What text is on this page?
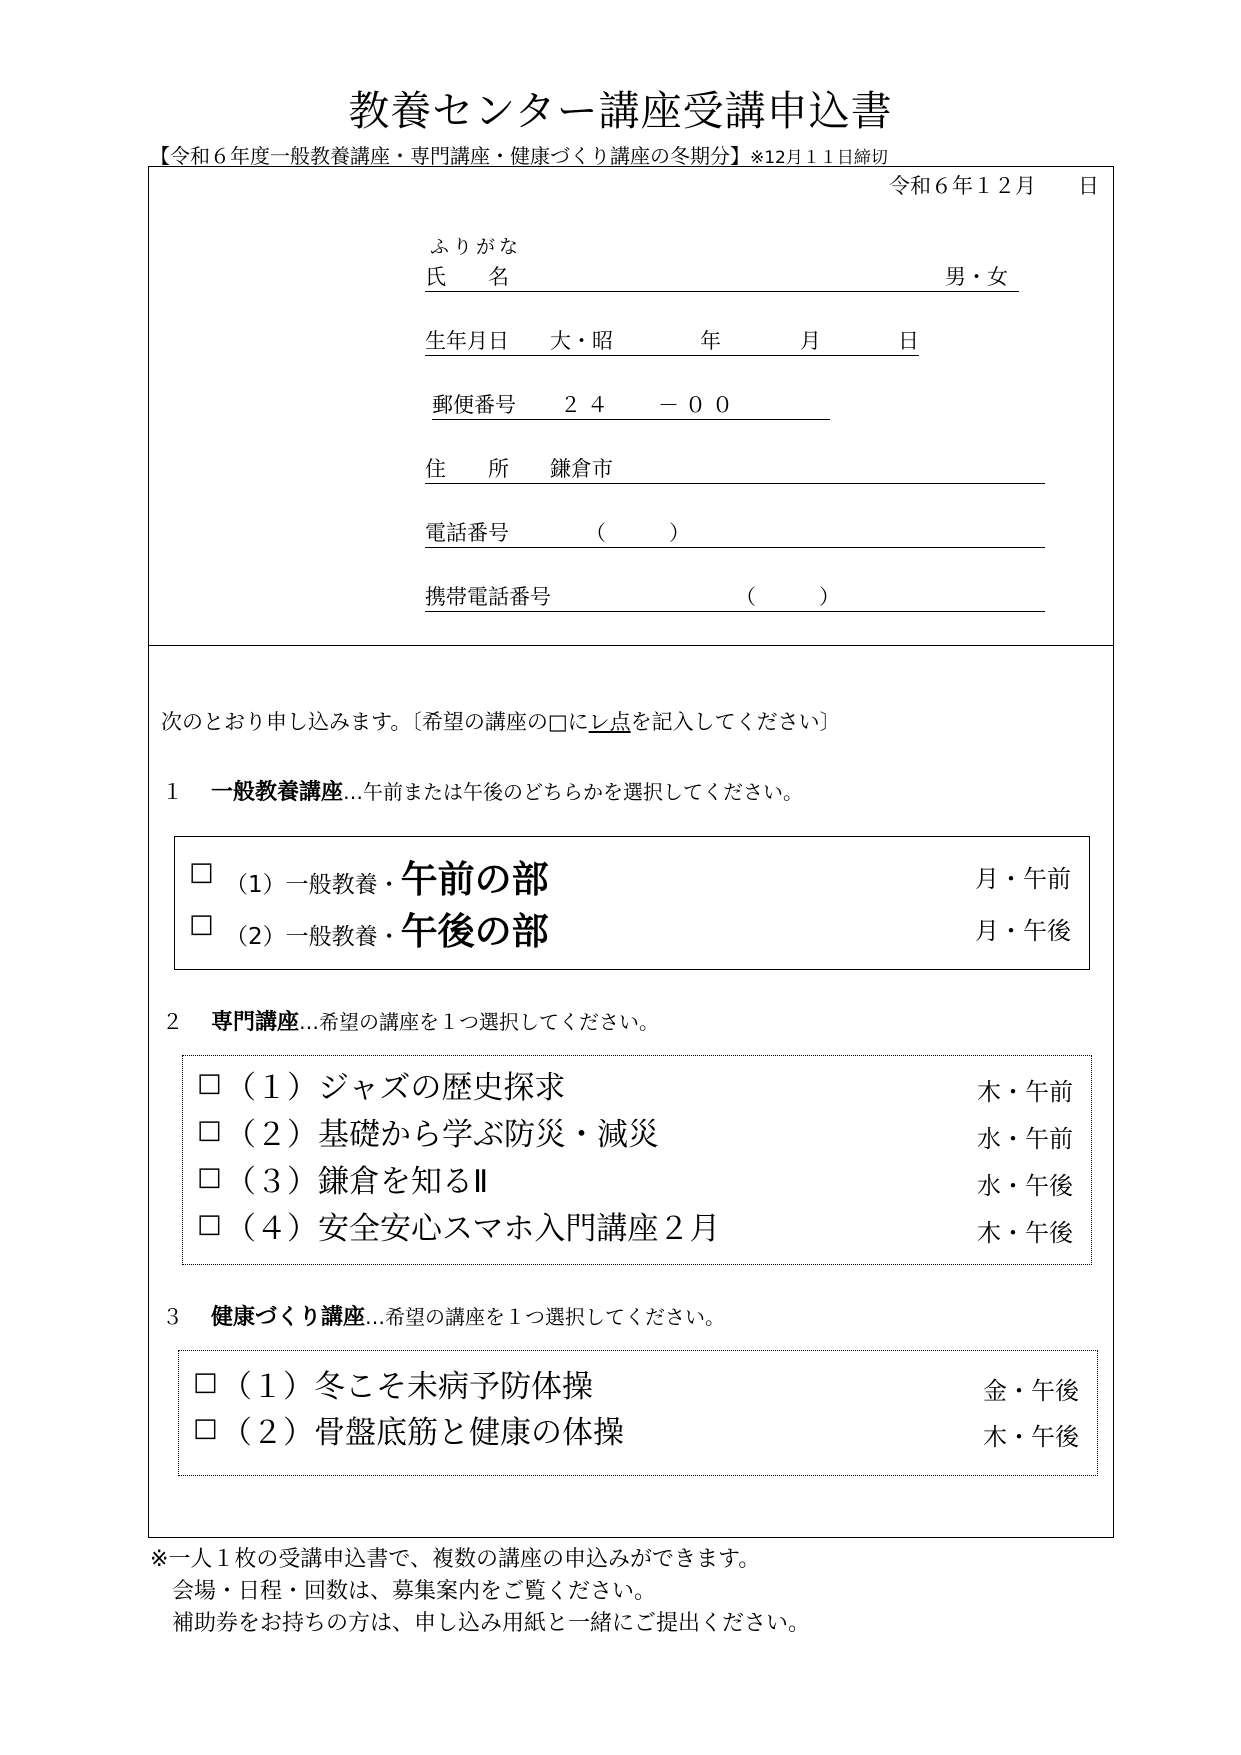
教養センター講座受講申込書
【令和６年度一般教養講座・専門講座・健康づくり講座の冬期分】※12月１１日締切
令和６年１２月　　日
ふりがな
氏　　名	男・女
生年月日 大・昭	年	月	日
郵便番号 ２４ －００
住　　所 鎌倉市
電話番号	（　　　）
携帯電話番号	（　　　）
次のとおり申し込みます。〔希望の講座の□にレ点を記入してください〕
１ 一般教養講座…午前または午後のどちらかを選択してください。
□ （1）一般教養・午前の部	月・午前
□ （2）一般教養・午後の部	月・午後
２ 専門講座…希望の講座を１つ選択してください。
□ （１）ジャズの歴史探求	木・午前
□ （２）基礎から学ぶ防災・減災	水・午前
□ （３）鎌倉を知るⅡ	水・午後
□ （４）安全安心スマホ入門講座２月	木・午後
３ 健康づくり講座…希望の講座を１つ選択してください。
□ （１）冬こそ未病予防体操	金・午後
□ （２）骨盤底筋と健康の体操	木・午後
※一人１枚の受講申込書で、複数の講座の申込みができます。
　会場・日程・回数は、募集案内をご覧ください。
　補助券をお持ちの方は、申し込み用紙と一緒にご提出ください。
